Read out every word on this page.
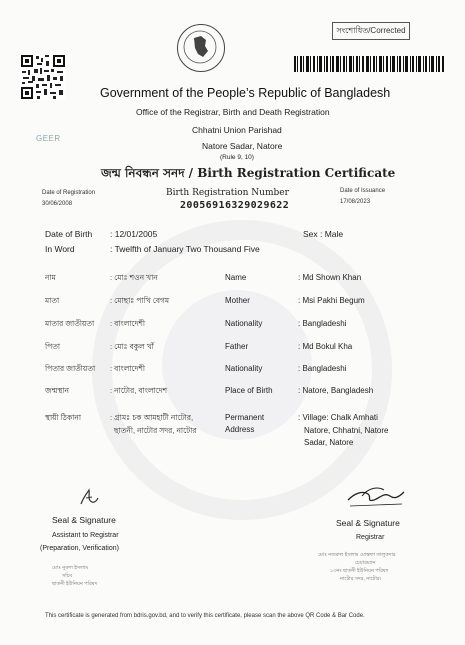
সংশোধিত/Corrected
GEER
Government of the People’s Republic of Bangladesh
Office of the Registrar, Birth and Death Registration
Chhatni Union Parishad
Natore Sadar, Natore
(Rule 9, 10)
জন্ম নিবন্ধন সনদ / Birth Registration Certificate
Date of Registration
30/06/2008
Birth Registration Number
20056916329029622
Date of Issuance
17/08/2023
Date of Birth : 12/01/2005	Sex : Male
In Word	: Twelfth of January Two Thousand Five
নাম	: মোঃ শওন খান	Name	: Md Shown Khan
মাতা	: মোছাঃ পাখি বেগম	Mother	: Msi Pakhi Begum
মাতার জাতীয়তা : বাংলাদেশী	Nationality	: Bangladeshi
পিতা	: মোঃ বকুল খাঁ	Father	: Md Bokul Kha
পিতার জাতীয়তা : বাংলাদেশী	Nationality	: Bangladeshi
জন্মস্থান	: নাটোর, বাংলাদেশ	Place of Birth	: Natore, Bangladesh
স্থায়ী ঠিকানা	: গ্রামঃ চক আমহাটী নাটোর,
ছাতনী, নাটোর সদর, নাটোর
Permanent
Address
: Village: Chalk Amhati
Natore, Chhatni, Natore
Sadar, Natore
Seal & Signature
Assistant to Registrar
(Preparation, Verification)
মোঃ নুরুল ইসলাম
সচিব
ছাতনী ইউনিয়ন পরিষদ
Seal & Signature
Registrar
মোঃ নজরুল ইসলাম মোস্তফা তালুকদার
চেয়ারম্যান
১৩নং ছাতনী ইউনিয়ন পরিষদ
নাটোর সদর, নাটোর।
This certificate is generated from bdris.gov.bd, and to verify this certificate, please scan the above QR Code & Bar Code.
